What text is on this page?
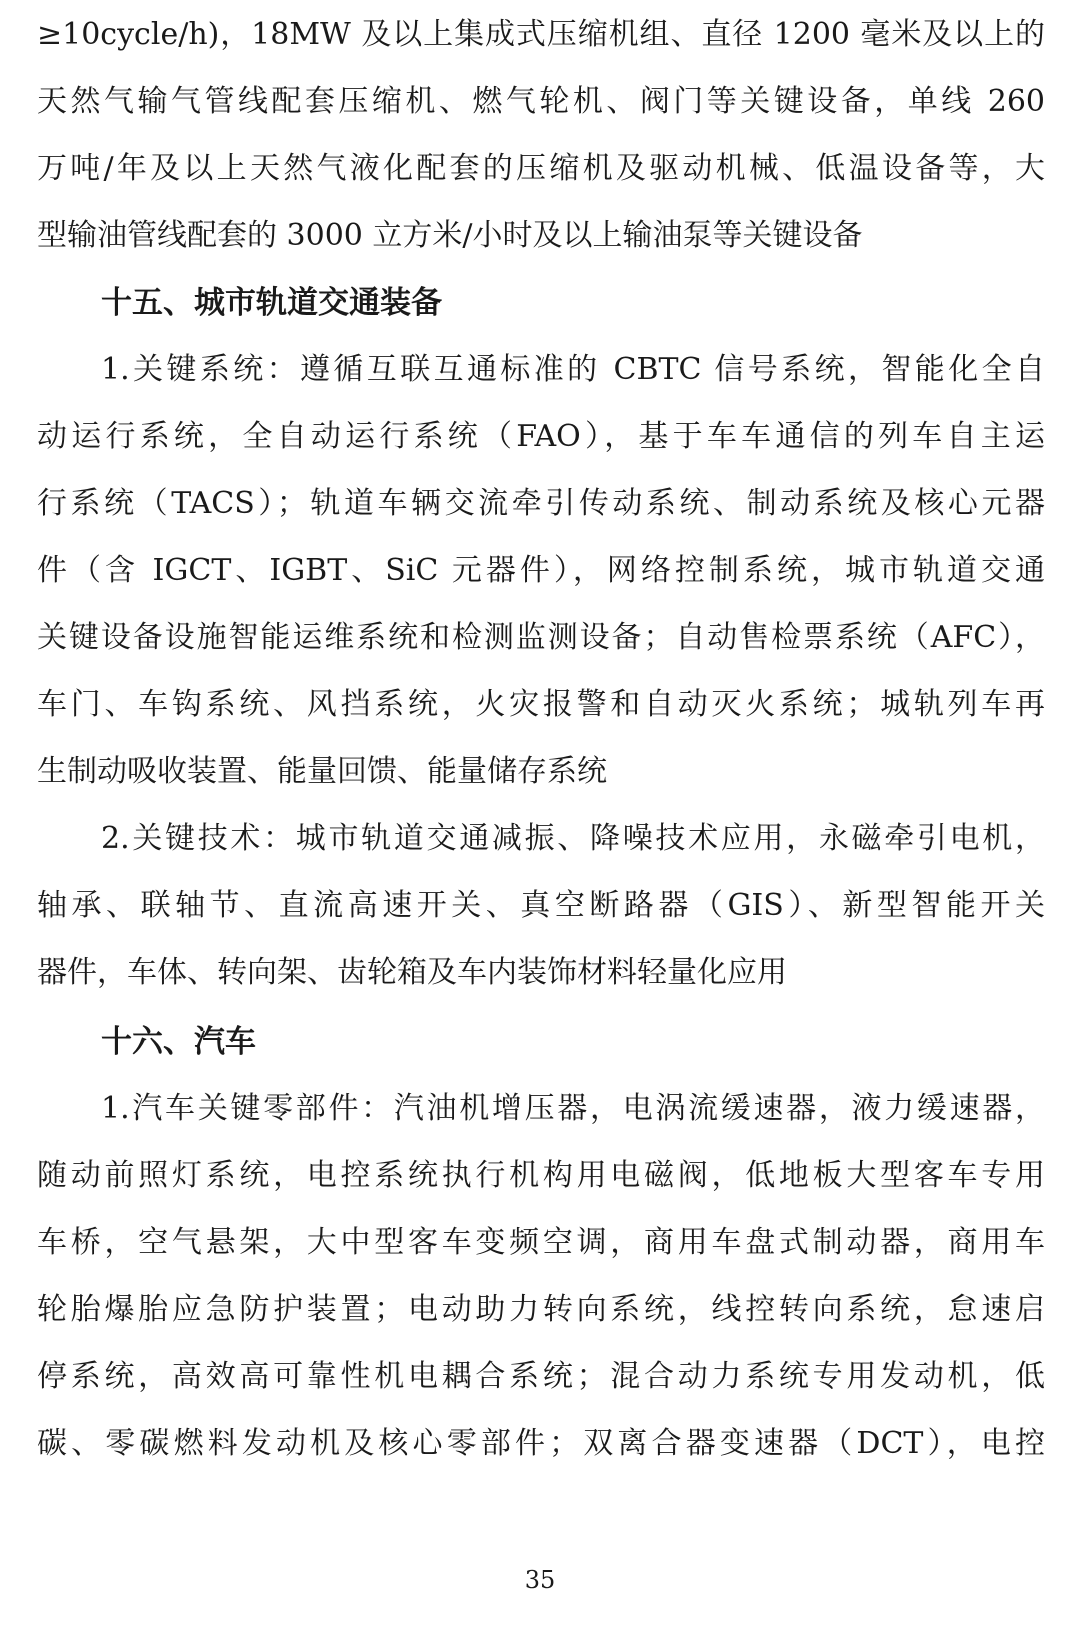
≥10cycle/h)，18MW 及以上集成式压缩机组、直径 1200 毫米及以上的
天然气输气管线配套压缩机、燃气轮机、阀门等关键设备，单线 260
万吨/年及以上天然气液化配套的压缩机及驱动机械、低温设备等，大
型输油管线配套的 3000 立方米/小时及以上输油泵等关键设备
十五、城市轨道交通装备
1.关键系统：遵循互联互通标准的 CBTC 信号系统，智能化全自
动运行系统，全自动运行系统（FAO），基于车车通信的列车自主运
行系统（TACS）；轨道车辆交流牵引传动系统、制动系统及核心元器
件（含 IGCT、IGBT、SiC 元器件），网络控制系统，城市轨道交通
关键设备设施智能运维系统和检测监测设备；自动售检票系统（AFC），
车门、车钩系统、风挡系统，火灾报警和自动灭火系统；城轨列车再
生制动吸收装置、能量回馈、能量储存系统
2.关键技术：城市轨道交通减振、降噪技术应用，永磁牵引电机，
轴承、联轴节、直流高速开关、真空断路器（GIS）、新型智能开关
器件，车体、转向架、齿轮箱及车内装饰材料轻量化应用
十六、汽车
1.汽车关键零部件：汽油机增压器，电涡流缓速器，液力缓速器，
随动前照灯系统，电控系统执行机构用电磁阀，低地板大型客车专用
车桥，空气悬架，大中型客车变频空调，商用车盘式制动器，商用车
轮胎爆胎应急防护装置；电动助力转向系统，线控转向系统，怠速启
停系统，高效高可靠性机电耦合系统；混合动力系统专用发动机，低
碳、零碳燃料发动机及核心零部件；双离合器变速器（DCT），电控
35
